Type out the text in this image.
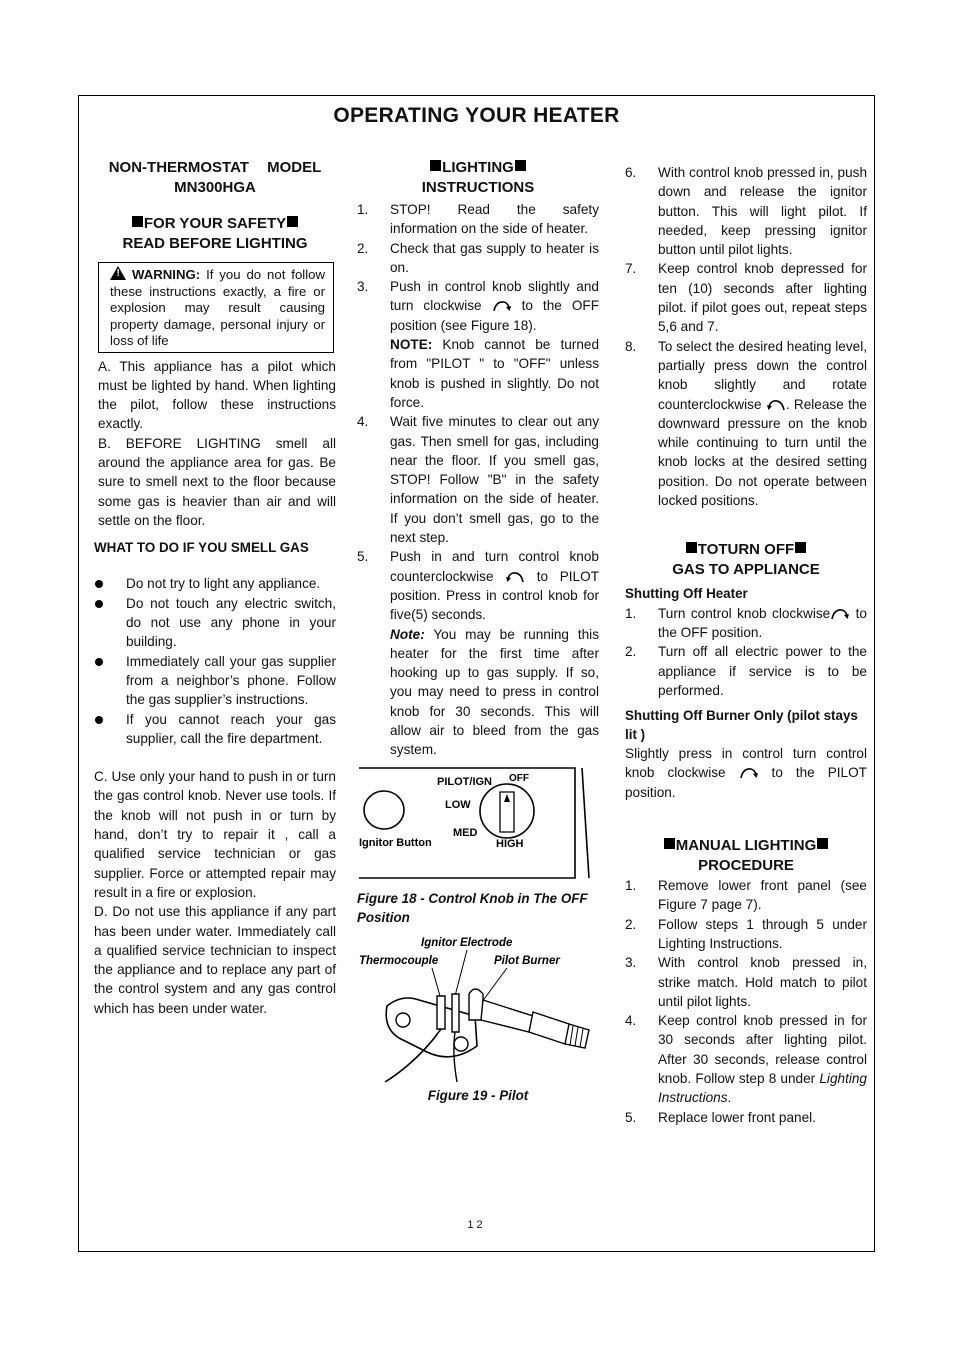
OPERATING YOUR HEATER
NON-THERMOSTAT MODEL
MN300HGA
FOR YOUR SAFETY
READ BEFORE LIGHTING
! WARNING: If you do not follow these instructions exactly, a fire or explosion may result causing property damage, personal injury or loss of life

A. This appliance has a pilot which must be lighted by hand. When lighting the pilot, follow these instructions exactly.

B. BEFORE LIGHTING smell all around the appliance area for gas. Be sure to smell next to the floor because some gas is heavier than air and will settle on the floor.

WHAT TO DO IF YOU SMELL GAS
Do not try to light any appliance.
Do not touch any electric switch, do not use any phone in your building.
Immediately call your gas supplier from a neighbor’s phone. Follow the gas supplier’s instructions.
If you cannot reach your gas supplier, call the fire department.

C. Use only your hand to push in or turn the gas control knob. Never use tools. If the knob will not push in or turn by hand, don’t try to repair it , call a qualified service technician or gas supplier. Force or attempted repair may result in a fire or explosion.

D. Do not use this appliance if any part has been under water. Immediately call a qualified service technician to inspect the appliance and to replace any part of the control system and any gas control which has been under water.

LIGHTING
INSTRUCTIONS
1. STOP! Read the safety information on the side of heater.
2. Check that gas supply to heater is on.
3. Push in control knob slightly and turn clockwise	to the OFF position (see Figure 18).
NOTE: Knob cannot be turned from "PILOT " to "OFF" unless knob is pushed in slightly. Do not force.
4. Wait five minutes to clear out any gas. Then smell for gas, including near the floor. If you smell gas, STOP! Follow "B" in the safety information on the side of heater. If you don’t smell gas, go to the next step.
5. Push in and turn control knob counterclockwise	to PILOT position. Press in control knob for five(5) seconds.
Note: You may be running this heater for the first time after hooking up to gas supply. If so, you may need to press in control knob for 30 seconds. This will allow air to bleed from the gas system.
PILOT/IGN OFF
LOW
MED
HIGH
Ignitor Button
Figure 18 - Control Knob in The OFF Position
Ignitor Electrode
Thermocouple	Pilot Burner
Figure 19 - Pilot
6. With control knob pressed in, push down and release the ignitor button. This will light pilot. If needed, keep pressing ignitor button until pilot lights.
7. Keep control knob depressed for ten (10) seconds after lighting pilot. if pilot goes out, repeat steps 5,6 and 7.
8. To select the desired heating level, partially press down the control knob slightly and rotate counterclockwise . Release the downward pressure on the knob while continuing to turn until the knob locks at the desired setting position. Do not operate between locked positions.
TOTURN OFF
GAS TO APPLIANCE
Shutting Off Heater
1. Turn control knob clockwise to the OFF position.
2. Turn off all electric power to the appliance if service is to be performed.
Shutting Off Burner Only (pilot stays lit )

Slightly press in control turn control knob clockwise	to the PILOT position.

MANUAL LIGHTING
PROCEDURE
1. Remove lower front panel (see Figure 7 page 7).
2. Follow steps 1 through 5 under Lighting Instructions.
3. With control knob pressed in, strike match. Hold match to pilot until pilot lights.
4. Keep control knob pressed in for 30 seconds after lighting pilot. After 30 seconds, release control knob. Follow step 8 under Lighting Instructions.
5. Replace lower front panel.
12
